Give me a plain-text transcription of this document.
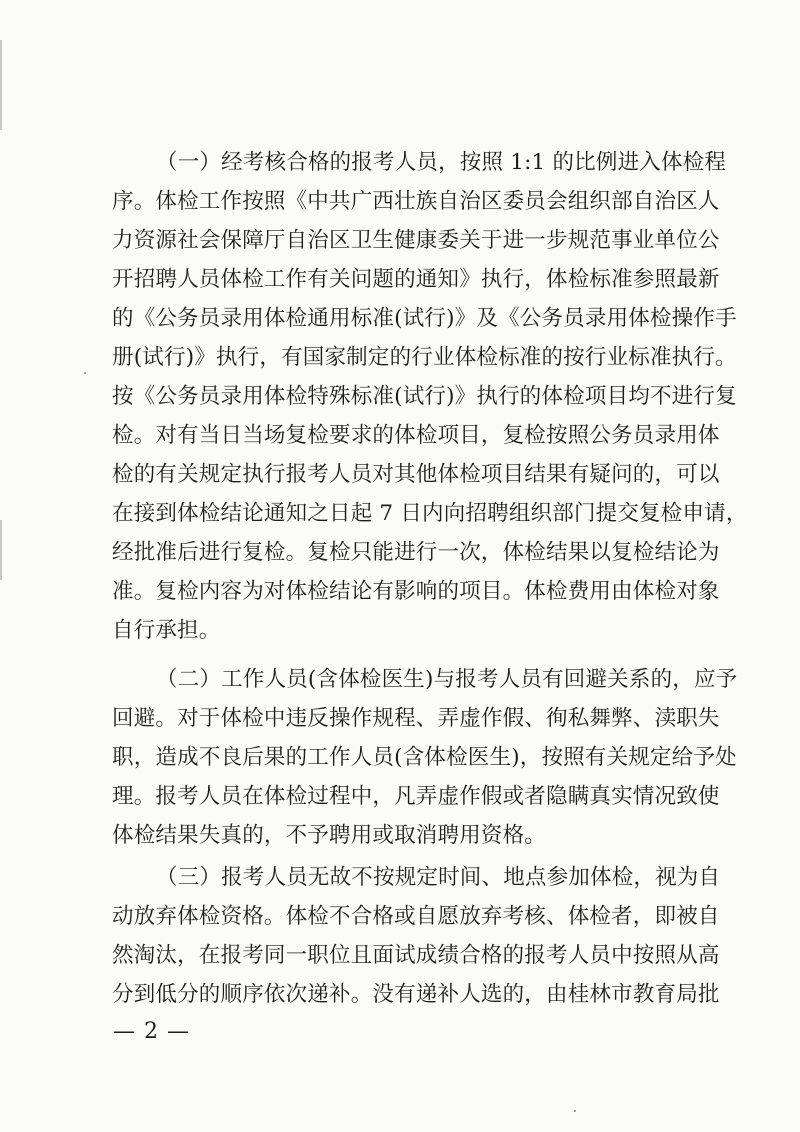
（一）经考核合格的报考人员，按照 1:1 的比例进入体检程
序。体检工作按照《中共广西壮族自治区委员会组织部自治区人
力资源社会保障厅自治区卫生健康委关于进一步规范事业单位公
开招聘人员体检工作有关问题的通知》执行，体检标准参照最新
的《公务员录用体检通用标准(试行)》及《公务员录用体检操作手
册(试行)》执行，有国家制定的行业体检标准的按行业标准执行。
按《公务员录用体检特殊标准(试行)》执行的体检项目均不进行复
检。对有当日当场复检要求的体检项目，复检按照公务员录用体
检的有关规定执行报考人员对其他体检项目结果有疑问的，可以
在接到体检结论通知之日起 7 日内向招聘组织部门提交复检申请，
经批准后进行复检。复检只能进行一次，体检结果以复检结论为
准。复检内容为对体检结论有影响的项目。体检费用由体检对象
自行承担。
（二）工作人员(含体检医生)与报考人员有回避关系的，应予
回避。对于体检中违反操作规程、弄虚作假、徇私舞弊、渎职失
职，造成不良后果的工作人员(含体检医生)，按照有关规定给予处
理。报考人员在体检过程中，凡弄虚作假或者隐瞒真实情况致使
体检结果失真的，不予聘用或取消聘用资格。
（三）报考人员无故不按规定时间、地点参加体检，视为自
动放弃体检资格。体检不合格或自愿放弃考核、体检者，即被自
然淘汰，在报考同一职位且面试成绩合格的报考人员中按照从高
分到低分的顺序依次递补。没有递补人选的，由桂林市教育局批
— 2 —
